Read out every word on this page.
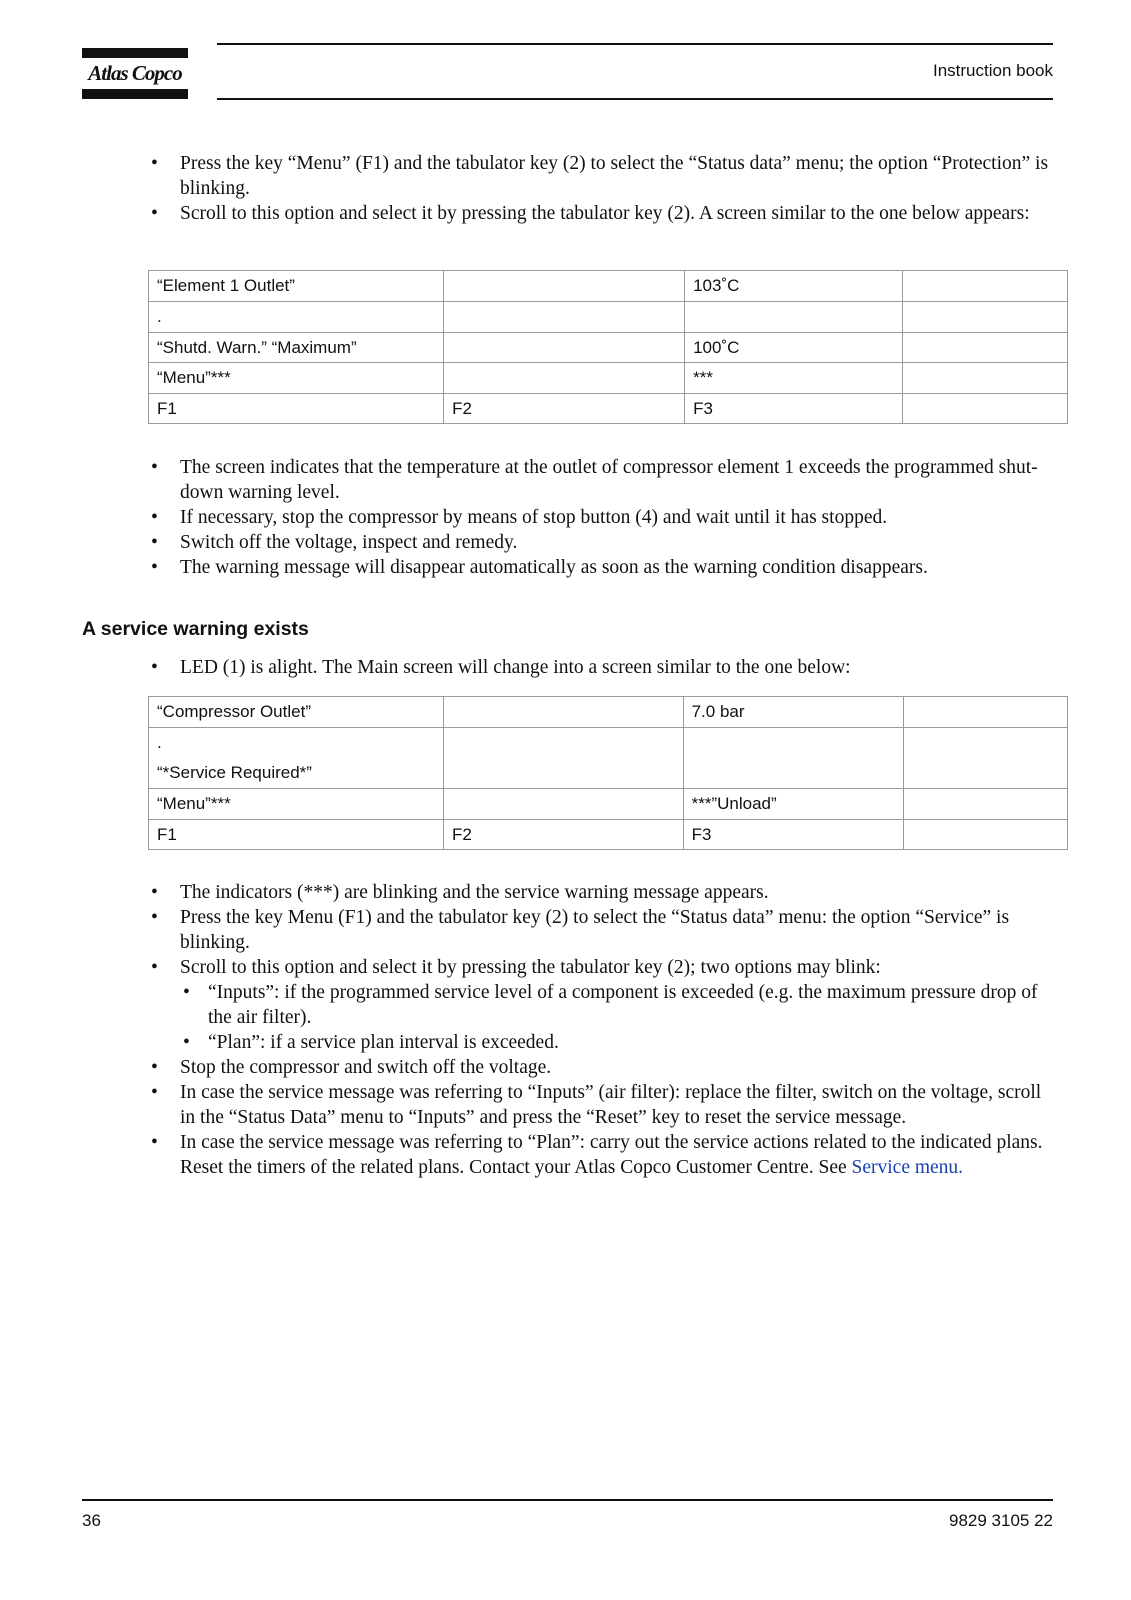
Atlas Copco	Instruction book
• Press the key “Menu” (F1) and the tabulator key (2) to select the “Status data” menu; the option “Protection” is blinking.
• Scroll to this option and select it by pressing the tabulator key (2). A screen similar to the one below appears:
“Element 1 Outlet”		103˚C	
.			
“Shutd. Warn.” “Maximum”		100˚C	
“Menu”***		***	
F1	F2	F3	
• The screen indicates that the temperature at the outlet of compressor element 1 exceeds the programmed shut-down warning level.
• If necessary, stop the compressor by means of stop button (4) and wait until it has stopped.
• Switch off the voltage, inspect and remedy.
• The warning message will disappear automatically as soon as the warning condition disappears.
A service warning exists
• LED (1) is alight. The Main screen will change into a screen similar to the one below:
“Compressor Outlet”		7.0 bar	

.
“*Service Required*”			

“Menu”***		***”Unload”	
F1	F2	F3	
• The indicators (***) are blinking and the service warning message appears.
• Press the key Menu (F1) and the tabulator key (2) to select the “Status data” menu: the option “Service” is blinking.
• Scroll to this option and select it by pressing the tabulator key (2); two options may blink:
• “Inputs”: if the programmed service level of a component is exceeded (e.g. the maximum pressure drop of the air filter).
• “Plan”: if a service plan interval is exceeded.
• Stop the compressor and switch off the voltage.
• In case the service message was referring to “Inputs” (air filter): replace the filter, switch on the voltage, scroll in the “Status Data” menu to “Inputs” and press the “Reset” key to reset the service message.
• In case the service message was referring to “Plan”: carry out the service actions related to the indicated plans. Reset the timers of the related plans. Contact your Atlas Copco Customer Centre. See Service menu.
36	9829 3105 22
